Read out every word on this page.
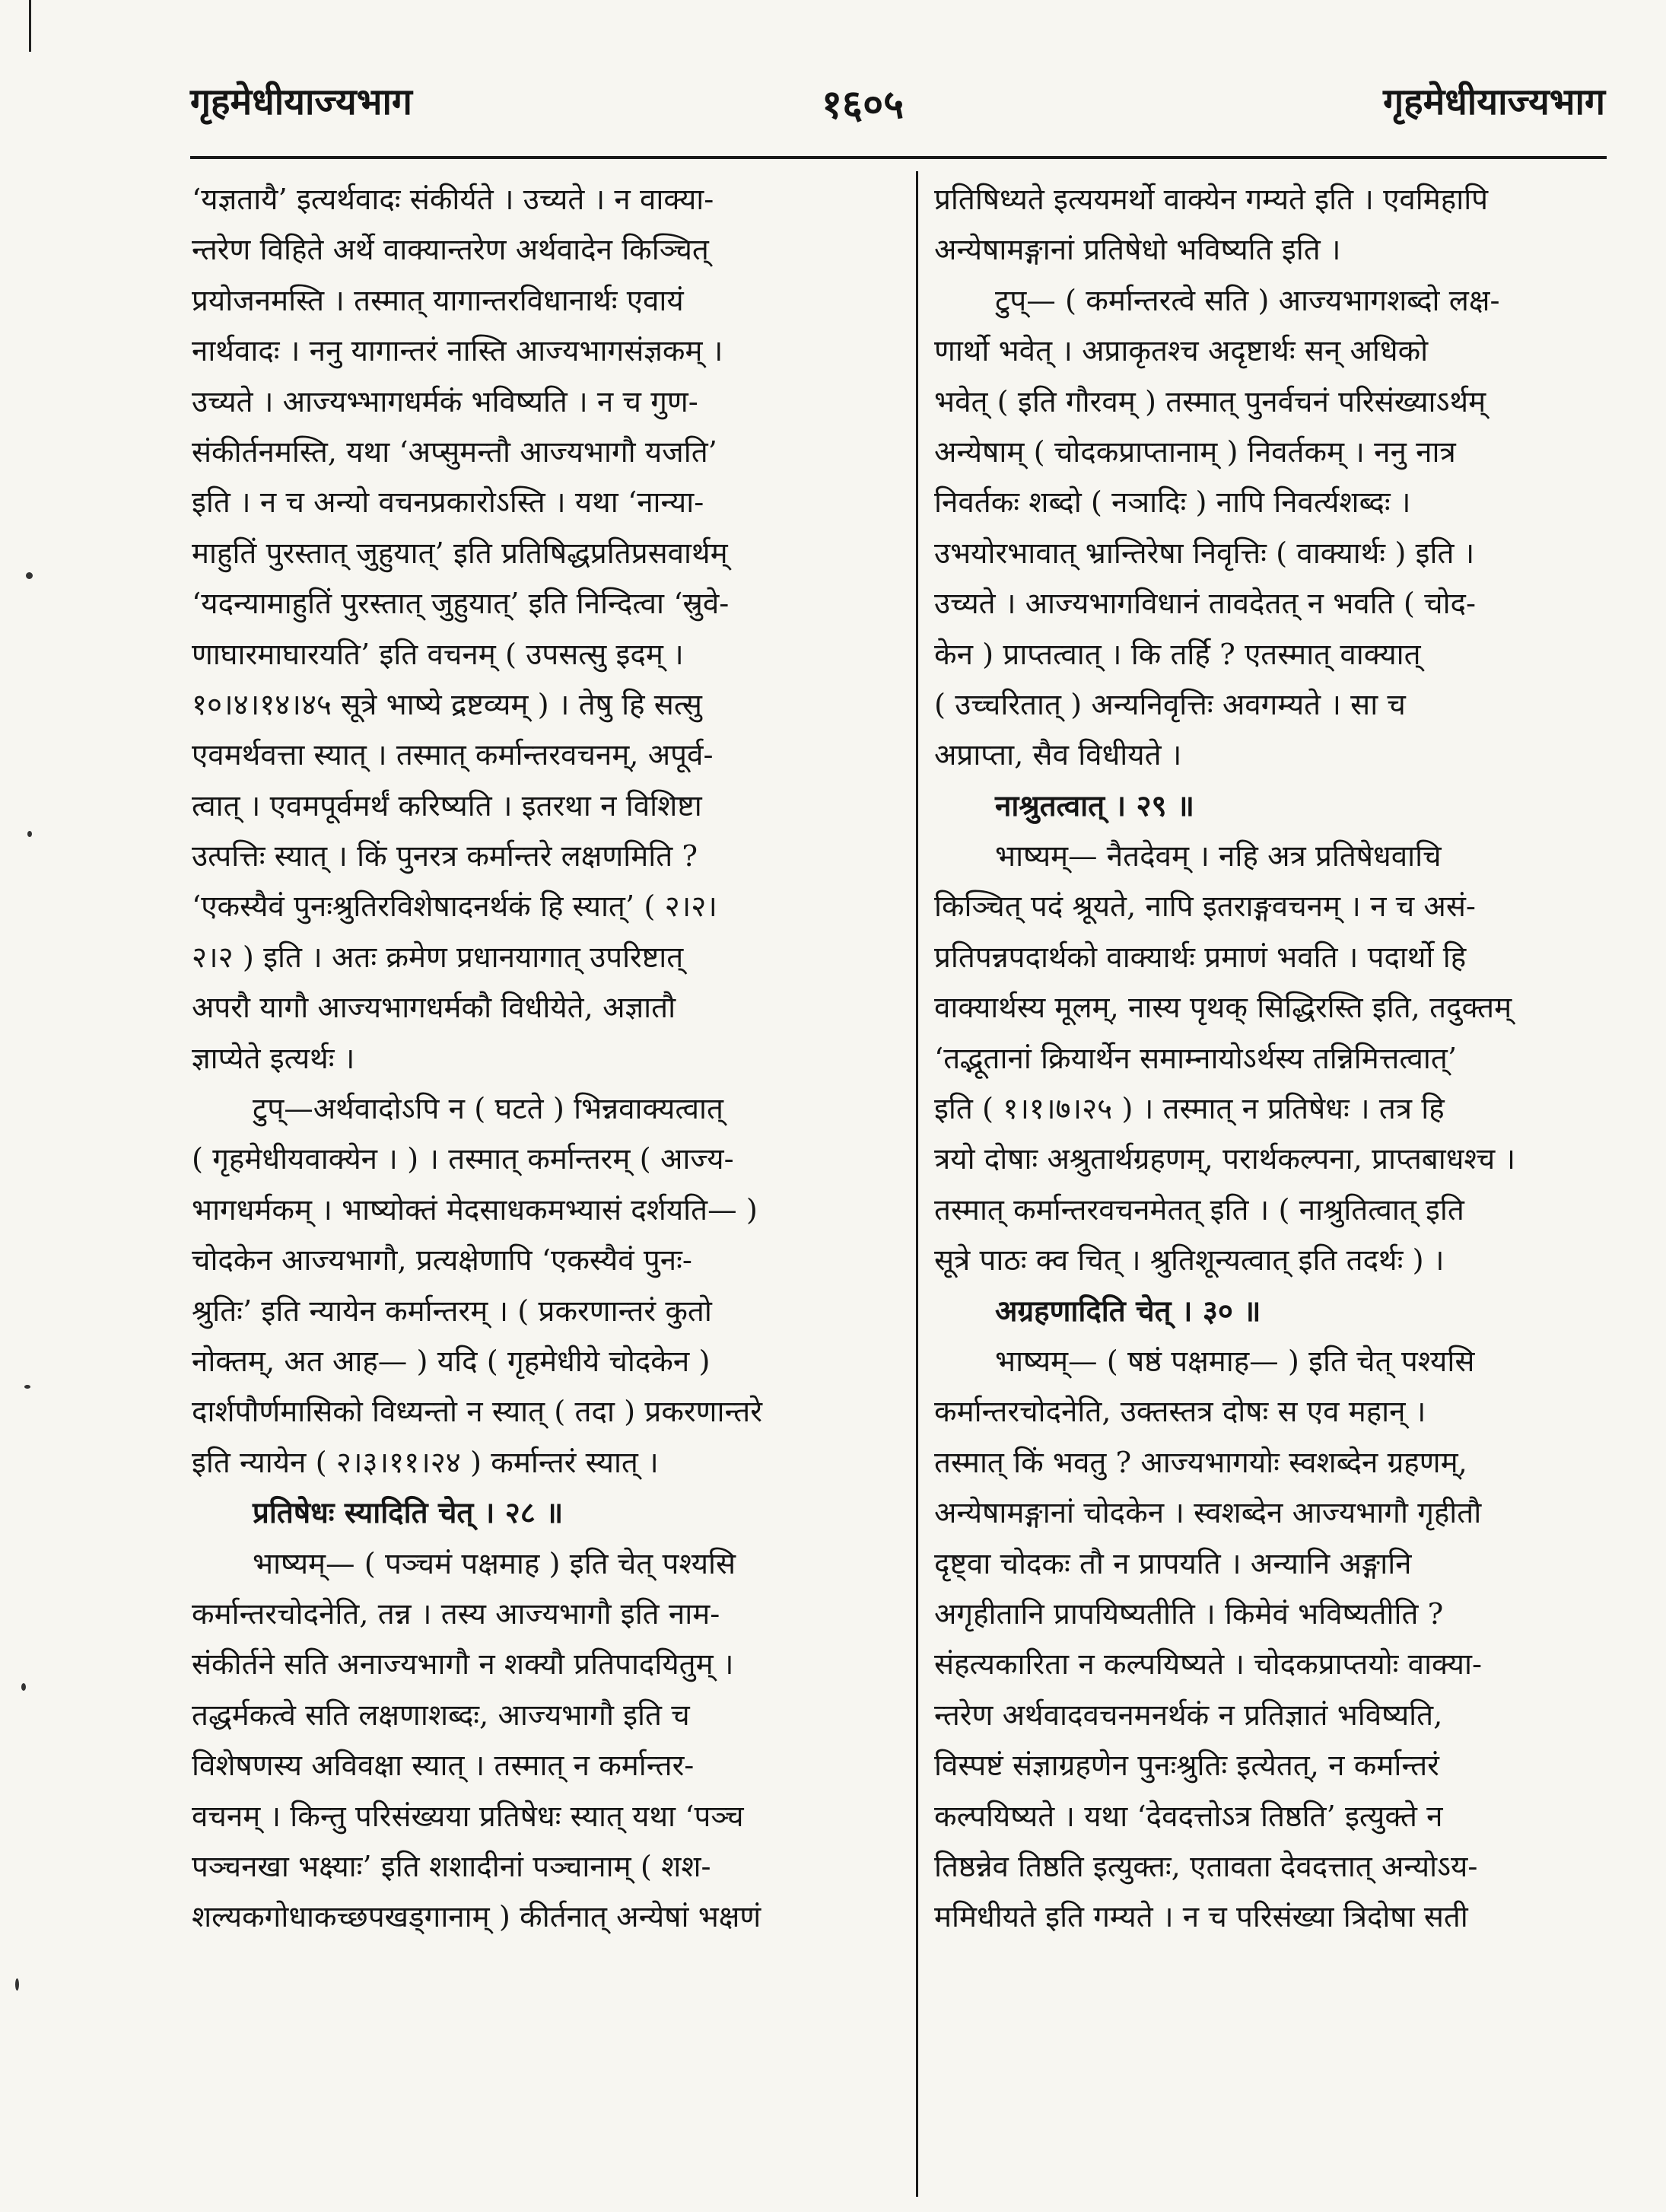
गृहमेधीयाज्यभाग	१६०५	गृहमेधीयाज्यभाग
‘यज्ञतायै’ इत्यर्थवादः संकीर्यते । उच्यते । न वाक्या-
न्तरेण विहिते अर्थे वाक्यान्तरेण अर्थवादेन किञ्चित्
प्रयोजनमस्ति । तस्मात् यागान्तरविधानार्थः एवायं
नार्थवादः । ननु यागान्तरं नास्ति आज्यभागसंज्ञकम् ।
उच्यते । आज्यभ्भागधर्मकं भविष्यति । न च गुण-
संकीर्तनमस्ति, यथा ‘अप्सुमन्तौ आज्यभागौ यजति’
इति । न च अन्यो वचनप्रकारोऽस्ति । यथा ‘नान्या-
माहुतिं पुरस्तात् जुहुयात्’ इति प्रतिषिद्धप्रतिप्रसवार्थम्
‘यदन्यामाहुतिं पुरस्तात् जुहुयात्’ इति निन्दित्वा ‘स्रुवे-
णाघारमाघारयति’ इति वचनम् ( उपसत्सु इदम् ।
१०।४।१४।४५ सूत्रे भाष्ये द्रष्टव्यम् ) । तेषु हि सत्सु
एवमर्थवत्ता स्यात् । तस्मात् कर्मान्तरवचनम्, अपूर्व-
त्वात् । एवमपूर्वमर्थं करिष्यति । इतरथा न विशिष्टा
उत्पत्तिः स्यात् । किं पुनरत्र कर्मान्तरे लक्षणमिति ?
‘एकस्यैवं पुनःश्रुतिरविशेषादनर्थकं हि स्यात्’ ( २।२।
२।२ ) इति । अतः क्रमेण प्रधानयागात् उपरिष्टात्
अपरौ यागौ आज्यभागधर्मकौ विधीयेते, अज्ञातौ
ज्ञाप्येते इत्यर्थः ।
टुप्—अर्थवादोऽपि न ( घटते ) भिन्नवाक्यत्वात्
( गृहमेधीयवाक्येन । ) । तस्मात् कर्मान्तरम् ( आज्य-
भागधर्मकम् । भाष्योक्तं मेदसाधकमभ्यासं दर्शयति— )
चोदकेन आज्यभागौ, प्रत्यक्षेणापि ‘एकस्यैवं पुनः-
श्रुतिः’ इति न्यायेन कर्मान्तरम् । ( प्रकरणान्तरं कुतो
नोक्तम्, अत आह— ) यदि ( गृहमेधीये चोदकेन )
दार्शपौर्णमासिको विध्यन्तो न स्यात् ( तदा ) प्रकरणान्तरे
इति न्यायेन ( २।३।११।२४ ) कर्मान्तरं स्यात् ।
प्रतिषेधः स्यादिति चेत् । २८ ॥
भाष्यम्— ( पञ्चमं पक्षमाह ) इति चेत् पश्यसि
कर्मान्तरचोदनेति, तन्न । तस्य आज्यभागौ इति नाम-
संकीर्तने सति अनाज्यभागौ न शक्यौ प्रतिपादयितुम् ।
तद्धर्मकत्वे सति लक्षणाशब्दः, आज्यभागौ इति च
विशेषणस्य अविवक्षा स्यात् । तस्मात् न कर्मान्तर-
वचनम् । किन्तु परिसंख्यया प्रतिषेधः स्यात् यथा ‘पञ्च
पञ्चनखा भक्ष्याः’ इति शशादीनां पञ्चानाम् ( शश-
शल्यकगोधाकच्छपखड्गानाम् ) कीर्तनात् अन्येषां भक्षणं
प्रतिषिध्यते इत्ययमर्थो वाक्येन गम्यते इति । एवमिहापि
अन्येषामङ्गानां प्रतिषेधो भविष्यति इति ।
टुप्— ( कर्मान्तरत्वे सति ) आज्यभागशब्दो लक्ष-
णार्थो भवेत् । अप्राकृतश्च अदृष्टार्थः सन् अधिको
भवेत् ( इति गौरवम् ) तस्मात् पुनर्वचनं परिसंख्याऽर्थम्
अन्येषाम् ( चोदकप्राप्तानाम् ) निवर्तकम् । ननु नात्र
निवर्तकः शब्दो ( नञादिः ) नापि निवर्त्यशब्दः ।
उभयोरभावात् भ्रान्तिरेषा निवृत्तिः ( वाक्यार्थः ) इति ।
उच्यते । आज्यभागविधानं तावदेतत् न भवति ( चोद-
केन ) प्राप्तत्वात् । कि तर्हि ? एतस्मात् वाक्यात्
( उच्चरितात् ) अन्यनिवृत्तिः अवगम्यते । सा च
अप्राप्ता, सैव विधीयते ।
नाश्रुतत्वात् । २९ ॥
भाष्यम्— नैतदेवम् । नहि अत्र प्रतिषेधवाचि
किञ्चित् पदं श्रूयते, नापि इतराङ्गवचनम् । न च असं-
प्रतिपन्नपदार्थको वाक्यार्थः प्रमाणं भवति । पदार्थो हि
वाक्यार्थस्य मूलम्, नास्य पृथक् सिद्धिरस्ति इति, तदुक्तम्
‘तद्भूतानां क्रियार्थेन समाम्नायोऽर्थस्य तन्निमित्तत्वात्’
इति ( १।१।७।२५ ) । तस्मात् न प्रतिषेधः । तत्र हि
त्रयो दोषाः अश्रुतार्थग्रहणम्, परार्थकल्पना, प्राप्तबाधश्च ।
तस्मात् कर्मान्तरवचनमेतत् इति । ( नाश्रुतित्वात् इति
सूत्रे पाठः क्व चित् । श्रुतिशून्यत्वात् इति तदर्थः ) ।
अग्रहणादिति चेत् । ३० ॥
भाष्यम्— ( षष्ठं पक्षमाह— ) इति चेत् पश्यसि
कर्मान्तरचोदनेति, उक्तस्तत्र दोषः स एव महान् ।
तस्मात् किं भवतु ? आज्यभागयोः स्वशब्देन ग्रहणम्,
अन्येषामङ्गानां चोदकेन । स्वशब्देन आज्यभागौ गृहीतौ
दृष्ट्वा चोदकः तौ न प्रापयति । अन्यानि अङ्गानि
अगृहीतानि प्रापयिष्यतीति । किमेवं भविष्यतीति ?
संहत्यकारिता न कल्पयिष्यते । चोदकप्राप्तयोः वाक्या-
न्तरेण अर्थवादवचनमनर्थकं न प्रतिज्ञातं भविष्यति,
विस्पष्टं संज्ञाग्रहणेन पुनःश्रुतिः इत्येतत्, न कर्मान्तरं
कल्पयिष्यते । यथा ‘देवदत्तोऽत्र तिष्ठति’ इत्युक्ते न
तिष्ठन्नेव तिष्ठति इत्युक्तः, एतावता देवदत्तात् अन्योऽय-
ममिधीयते इति गम्यते । न च परिसंख्या त्रिदोषा सती
